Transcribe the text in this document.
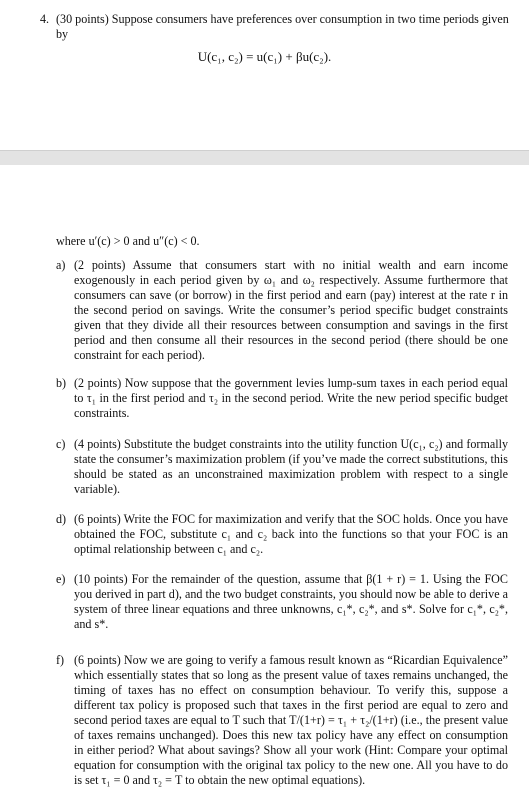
4. (30 points) Suppose consumers have preferences over consumption in two time periods given
by
U(c₁, c₂) = u(c₁) + βu(c₂).
where u′(c) > 0 and u″(c) < 0.
a) (2 points) Assume that consumers start with no initial wealth and earn income exogenously in each period given by ω₁ and ω₂ respectively. Assume furthermore that consumers can save (or borrow) in the first period and earn (pay) interest at the rate r in the second period on savings. Write the consumer’s period specific budget constraints given that they divide all their resources between consumption and savings in the first period and then consume all their resources in the second period (there should be one constraint for each period).
b) (2 points) Now suppose that the government levies lump-sum taxes in each period equal to τ₁ in the first period and τ₂ in the second period. Write the new period specific budget constraints.
c) (4 points) Substitute the budget constraints into the utility function U(c₁, c₂) and formally state the consumer’s maximization problem (if you’ve made the correct substitutions, this should be stated as an unconstrained maximization problem with respect to a single variable).
d) (6 points) Write the FOC for maximization and verify that the SOC holds. Once you have obtained the FOC, substitute c₁ and c₂ back into the functions so that your FOC is an optimal relationship between c₁ and c₂.
e) (10 points) For the remainder of the question, assume that β(1 + r) = 1. Using the FOC you derived in part d), and the two budget constraints, you should now be able to derive a system of three linear equations and three unknowns, c₁*, c₂*, and s*. Solve for c₁*, c₂*, and s*.
f) (6 points) Now we are going to verify a famous result known as “Ricardian Equivalence” which essentially states that so long as the present value of taxes remains unchanged, the timing of taxes has no effect on consumption behaviour. To verify this, suppose a different tax policy is proposed such that taxes in the first period are equal to zero and second period taxes are equal to T such that T/(1+r) = τ₁ + τ₂/(1+r) (i.e., the present value of taxes remains unchanged). Does this new tax policy have any effect on consumption in either period? What about savings? Show all your work (Hint: Compare your optimal equation for consumption with the original tax policy to the new one. All you have to do is set τ₁ = 0 and τ₂ = T to obtain the new optimal equations).
